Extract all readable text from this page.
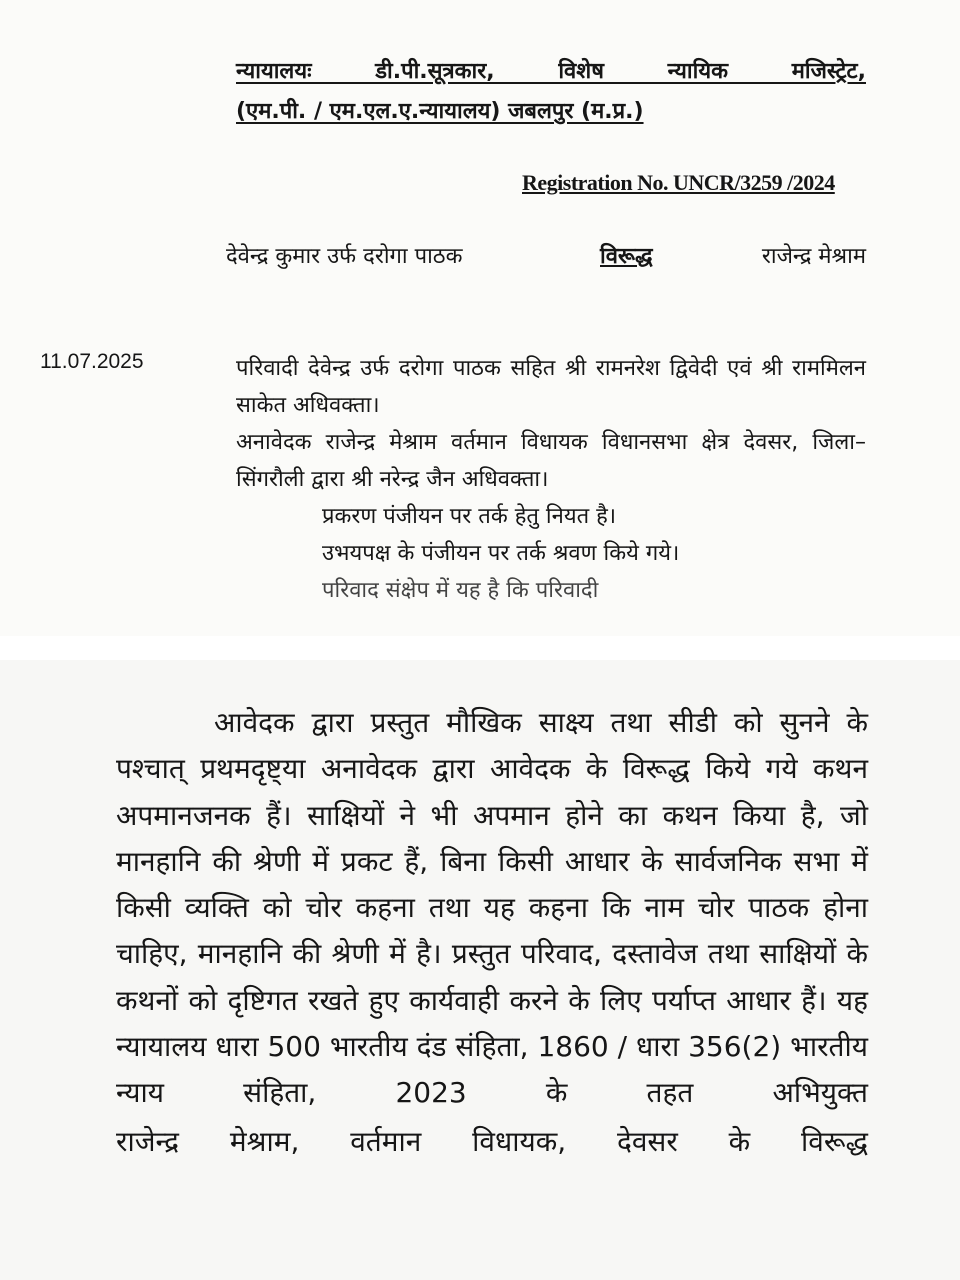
न्यायालयः डी.पी.सूत्रकार, विशेष न्यायिक मजिस्ट्रेट,
(एम.पी. / एम.एल.ए.न्यायालय) जबलपुर (म.प्र.)
Registration No. UNCR/3259 /2024
देवेन्द्र कुमार उर्फ दरोगा पाठक	विरूद्ध	राजेन्द्र मेश्राम
11.07.2025	परिवादी देवेन्द्र उर्फ दरोगा पाठक सहित श्री रामनरेश द्विवेदी एवं श्री राममिलन साकेत अधिवक्ता।

अनावेदक राजेन्द्र मेश्राम वर्तमान विधायक विधानसभा क्षेत्र देवसर, जिला–सिंगरौली द्वारा श्री नरेन्द्र जैन अधिवक्ता।

प्रकरण पंजीयन पर तर्क हेतु नियत है।

उभयपक्ष के पंजीयन पर तर्क श्रवण किये गये।

परिवाद संक्षेप में यह है कि परिवादी

आवेदक द्वारा प्रस्तुत मौखिक साक्ष्य तथा सीडी को सुनने के पश्चात् प्रथमदृष्ट्या अनावेदक द्वारा आवेदक के विरूद्ध किये गये कथन अपमानजनक हैं। साक्षियों ने भी अपमान होने का कथन किया है, जो मानहानि की श्रेणी में प्रकट हैं, बिना किसी आधार के सार्वजनिक सभा में किसी व्यक्ति को चोर कहना तथा यह कहना कि नाम चोर पाठक होना चाहिए, मानहानि की श्रेणी में है। प्रस्तुत परिवाद, दस्तावेज तथा साक्षियों के कथनों को दृष्टिगत रखते हुए कार्यवाही करने के लिए पर्याप्त आधार हैं। यह न्यायालय धारा 500 भारतीय दंड संहिता, 1860 / धारा 356(2) भारतीय न्याय संहिता, 2023 के तहत अभियुक्त

राजेन्द्र मेश्राम, वर्तमान विधायक, देवसर के विरूद्ध
